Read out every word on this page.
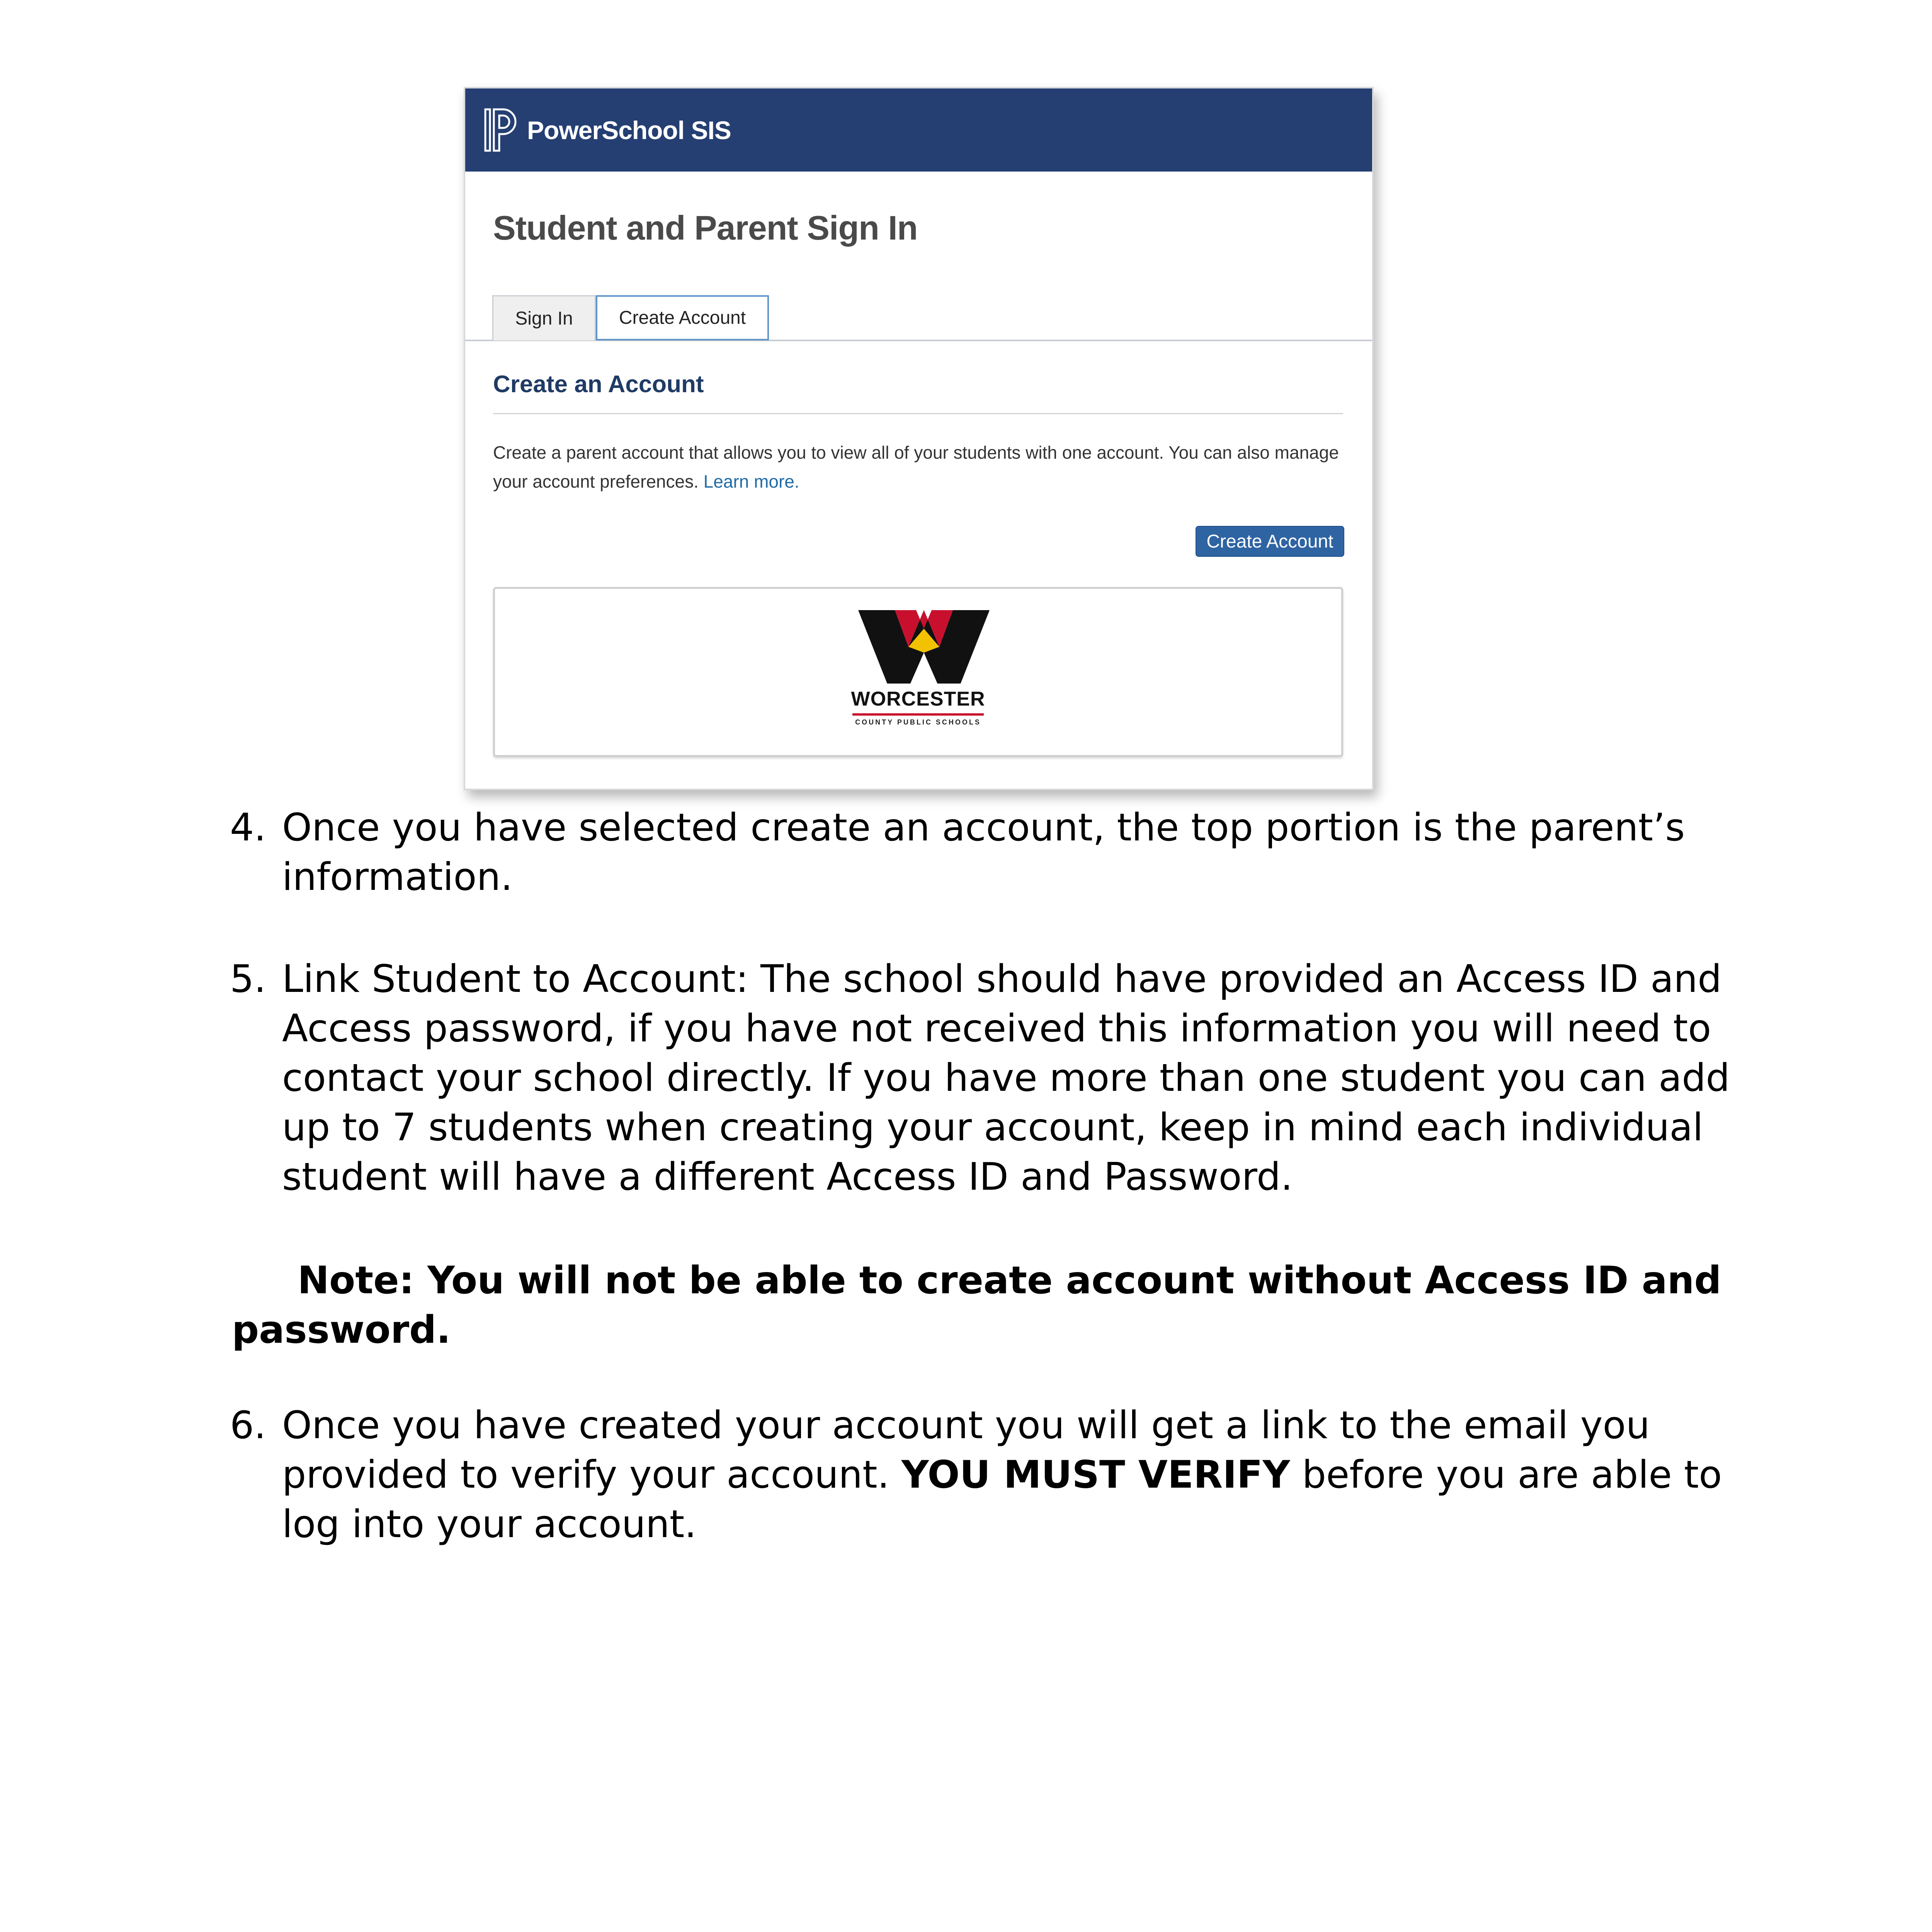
PowerSchool SIS
Student and Parent Sign In
Sign In	Create Account
Create an Account
Create a parent account that allows you to view all of your students with one account. You can also manage your account preferences. Learn more.
Create Account
WORCESTER
COUNTY PUBLIC SCHOOLS
4. Once you have selected create an account, the top portion is the parent’s information.

5. Link Student to Account: The school should have provided an Access ID and Access password, if you have not received this information you will need to contact your school directly. If you have more than one student you can add up to 7 students when creating your account, keep in mind each individual student will have a different Access ID and Password.

Note: You will not be able to create account without Access ID and password.
6. Once you have created your account you will get a link to the email you provided to verify your account. YOU MUST VERIFY before you are able to log into your account.
